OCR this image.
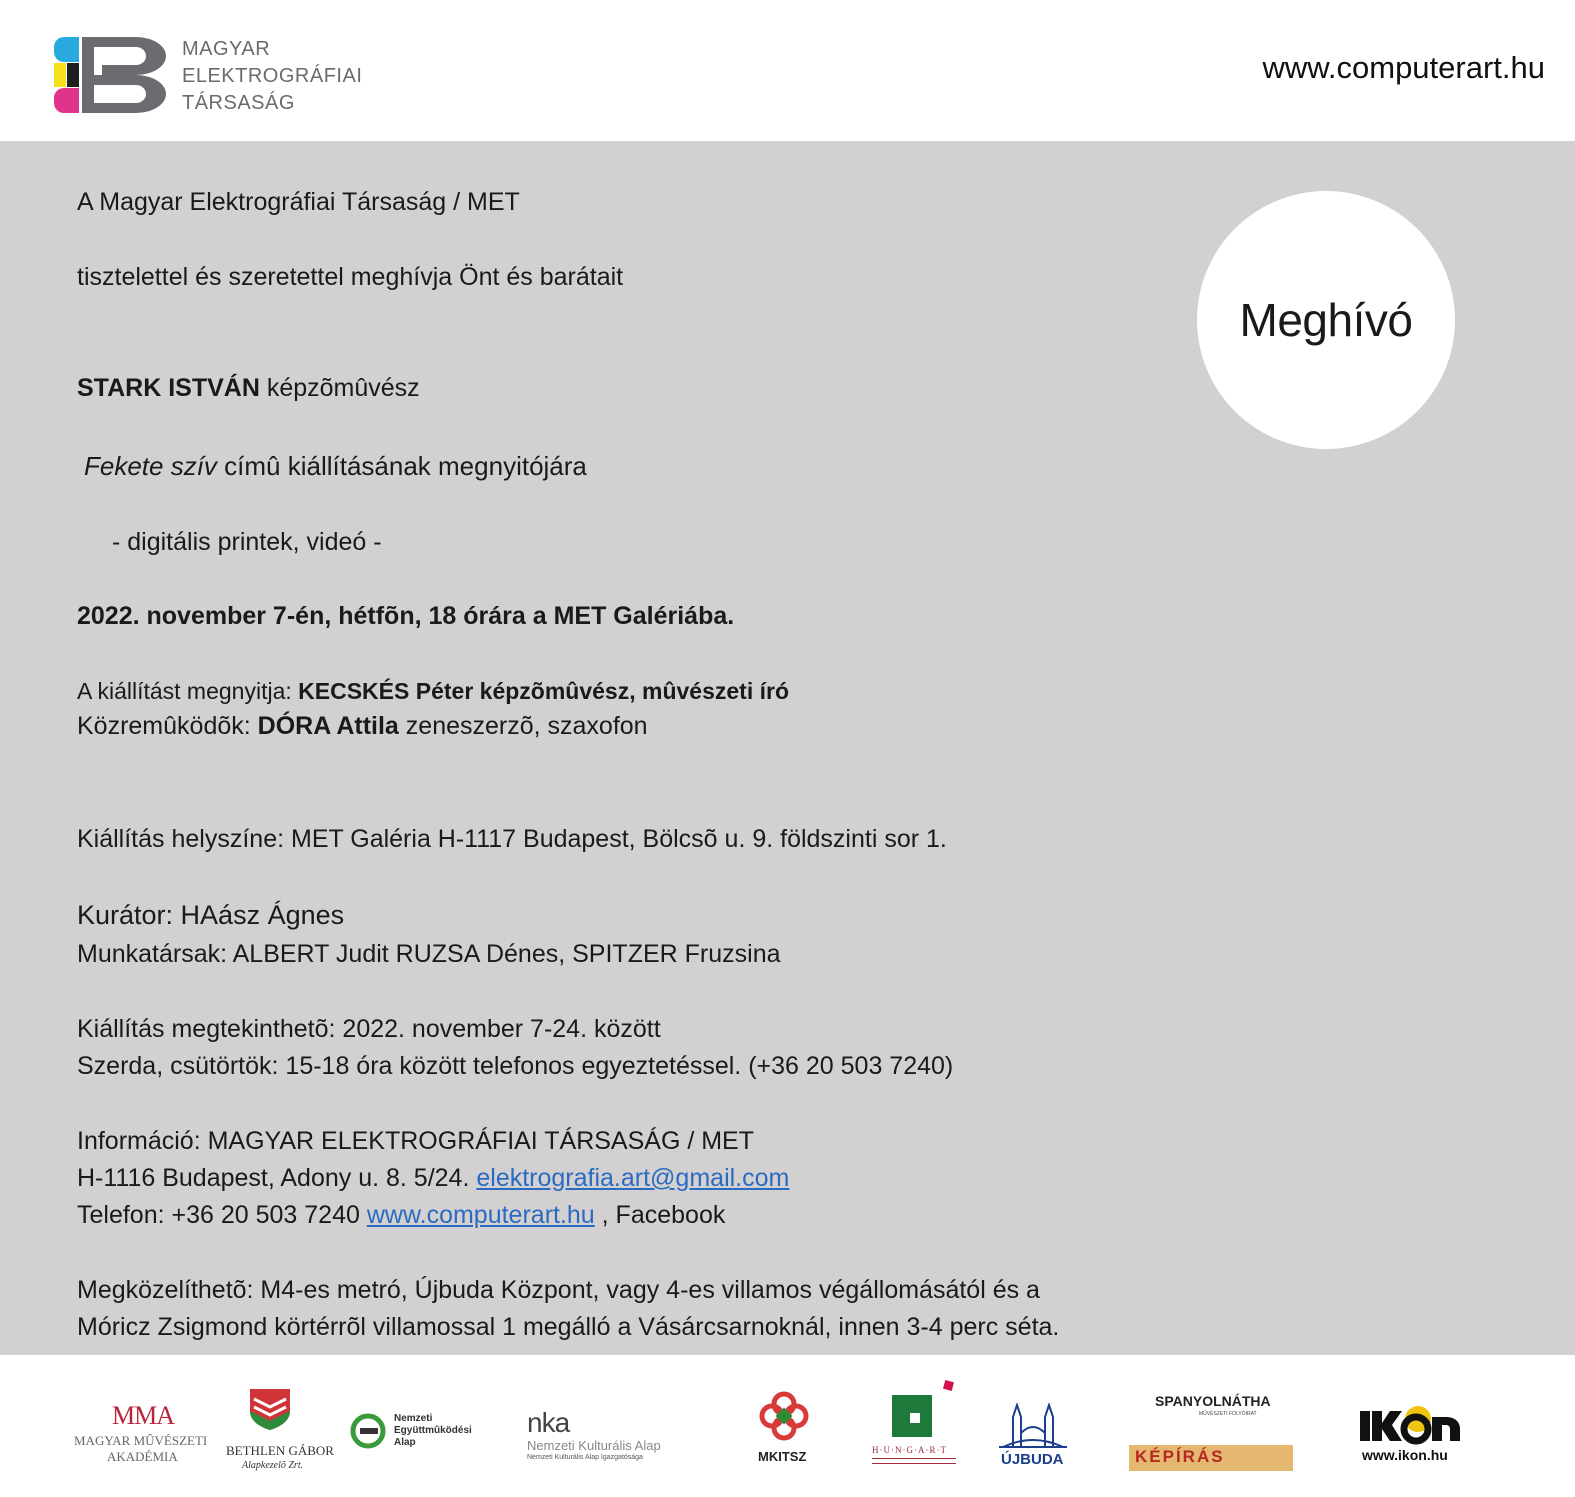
MAGYAR
ELEKTROGRÁFIAI
TÁRSASÁG
www.computerart.hu
Meghívó
A Magyar Elektrográfiai Társaság / MET
tisztelettel és szeretettel meghívja Önt és barátait
STARK ISTVÁN képzõmûvész
Fekete szív címû kiállításának megnyitójára
- digitális printek, videó -
2022. november 7-én, hétfõn, 18 órára a MET Galériába.
A kiállítást megnyitja: KECSKÉS Péter képzõmûvész, mûvészeti író
Közremûködõk: DÓRA Attila zeneszerzõ, szaxofon
Kiállítás helyszíne: MET Galéria H-1117 Budapest, Bölcsõ u. 9. földszinti sor 1.
Kurátor: HAász Ágnes
Munkatársak: ALBERT Judit RUZSA Dénes, SPITZER Fruzsina
Kiállítás megtekinthetõ: 2022. november 7-24. között
Szerda, csütörtök: 15-18 óra között telefonos egyeztetéssel. (+36 20 503 7240)
Információ: MAGYAR ELEKTROGRÁFIAI TÁRSASÁG / MET
H-1116 Budapest, Adony u. 8. 5/24. elektrografia.art@gmail.com
Telefon: +36 20 503 7240 www.computerart.hu , Facebook
Megközelíthetõ: M4-es metró, Újbuda Központ, vagy 4-es villamos végállomásától és a
Móricz Zsigmond körtérrõl villamossal 1 megálló a Vásárcsarnoknál, innen 3-4 perc séta.
MMA
MAGYAR MÛVÉSZETI
AKADÉMIA	BETHLEN GÁBOR
Alapkezelõ Zrt.
Nemzeti
Együttmûködési
Alap
nka
Nemzeti Kulturális Alap
Nemzeti Kulturális Alap Igazgatósága	MKITSZ	H·U·N·G·A·R·T
ÚJBUDA
SPANYOLNÁTHA
MÛVÉSZETI FOLYÓIRAT
KÉPÍRÁS	www.ikon.hu
